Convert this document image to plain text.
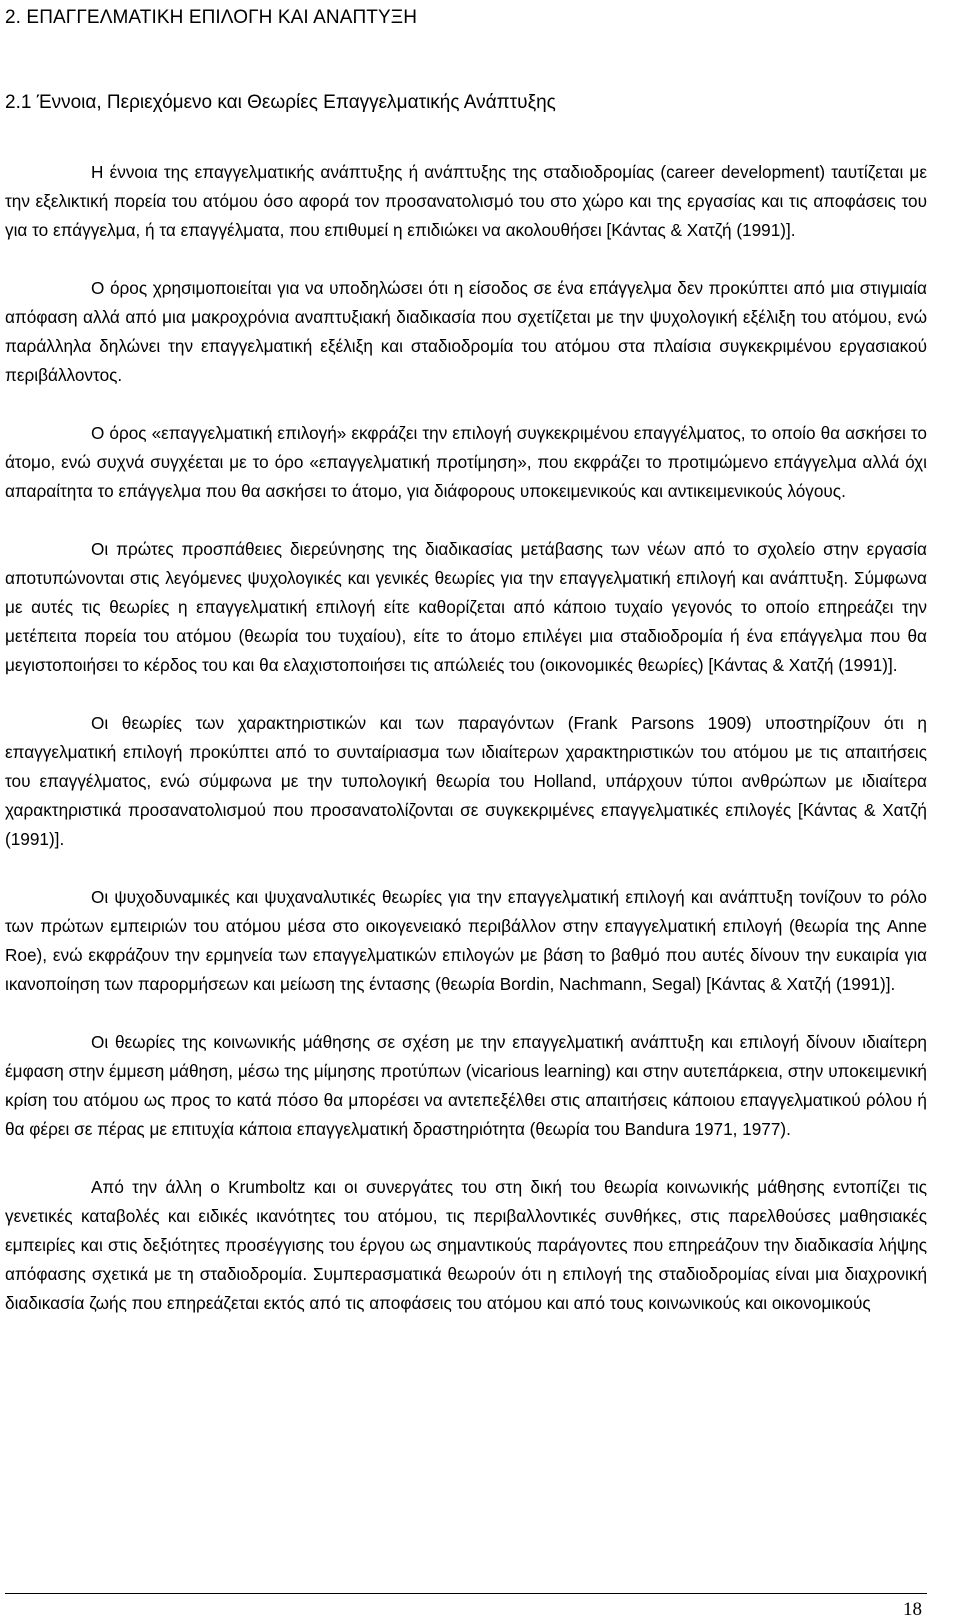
2. ΕΠΑΓΓΕΛΜΑΤΙΚΗ ΕΠΙΛΟΓΗ ΚΑΙ ΑΝΑΠΤΥΞΗ
2.1 Έννοια, Περιεχόμενο και Θεωρίες Επαγγελματικής Ανάπτυξης

Η έννοια της επαγγελματικής ανάπτυξης ή ανάπτυξης της σταδιοδρομίας (career development) ταυτίζεται με την εξελικτική πορεία του ατόμου όσο αφορά τον προσανατολισμό του στο χώρο και της εργασίας και τις αποφάσεις του για το επάγγελμα, ή τα επαγγέλματα, που επιθυμεί η επιδιώκει να ακολουθήσει [Κάντας & Χατζή (1991)].

Ο όρος χρησιμοποιείται για να υποδηλώσει ότι η είσοδος σε ένα επάγγελμα δεν προκύπτει από μια στιγμιαία απόφαση αλλά από μια μακροχρόνια αναπτυξιακή διαδικασία που σχετίζεται με την ψυχολογική εξέλιξη του ατόμου, ενώ παράλληλα δηλώνει την επαγγελματική εξέλιξη και σταδιοδρομία του ατόμου στα πλαίσια συγκεκριμένου εργασιακού περιβάλλοντος.

Ο όρος «επαγγελματική επιλογή» εκφράζει την επιλογή συγκεκριμένου επαγγέλματος, το οποίο θα ασκήσει το άτομο, ενώ συχνά συγχέεται με το όρο «επαγγελματική προτίμηση», που εκφράζει το προτιμώμενο επάγγελμα αλλά όχι απαραίτητα το επάγγελμα που θα ασκήσει το άτομο, για διάφορους υποκειμενικούς και αντικειμενικούς λόγους.

Οι πρώτες προσπάθειες διερεύνησης της διαδικασίας μετάβασης των νέων από το σχολείο στην εργασία αποτυπώνονται στις λεγόμενες ψυχολογικές και γενικές θεωρίες για την επαγγελματική επιλογή και ανάπτυξη. Σύμφωνα με αυτές τις θεωρίες η επαγγελματική επιλογή είτε καθορίζεται από κάποιο τυχαίο γεγονός το οποίο επηρεάζει την μετέπειτα πορεία του ατόμου (θεωρία του τυχαίου), είτε το άτομο επιλέγει μια σταδιοδρομία ή ένα επάγγελμα που θα μεγιστοποιήσει το κέρδος του και θα ελαχιστοποιήσει τις απώλειές του (οικονομικές θεωρίες) [Κάντας & Χατζή (1991)].

Οι θεωρίες των χαρακτηριστικών και των παραγόντων (Frank Parsons 1909) υποστηρίζουν ότι η επαγγελματική επιλογή προκύπτει από το συνταίριασμα των ιδιαίτερων χαρακτηριστικών του ατόμου με τις απαιτήσεις του επαγγέλματος, ενώ σύμφωνα με την τυπολογική θεωρία του Holland, υπάρχουν τύποι ανθρώπων με ιδιαίτερα χαρακτηριστικά προσανατολισμού που προσανατολίζονται σε συγκεκριμένες επαγγελματικές επιλογές [Κάντας & Χατζή (1991)].

Οι ψυχοδυναμικές και ψυχαναλυτικές θεωρίες για την επαγγελματική επιλογή και ανάπτυξη τονίζουν το ρόλο των πρώτων εμπειριών του ατόμου μέσα στο οικογενειακό περιβάλλον στην επαγγελματική επιλογή (θεωρία της Anne Roe), ενώ εκφράζουν την ερμηνεία των επαγγελματικών επιλογών με βάση το βαθμό που αυτές δίνουν την ευκαιρία για ικανοποίηση των παρορμήσεων και μείωση της έντασης (θεωρία Bordin, Nachmann, Segal) [Κάντας & Χατζή (1991)].

Οι θεωρίες της κοινωνικής μάθησης σε σχέση με την επαγγελματική ανάπτυξη και επιλογή δίνουν ιδιαίτερη έμφαση στην έμμεση μάθηση, μέσω της μίμησης προτύπων (vicarious learning) και στην αυτεπάρκεια, στην υποκειμενική κρίση του ατόμου ως προς το κατά πόσο θα μπορέσει να αντεπεξέλθει στις απαιτήσεις κάποιου επαγγελματικού ρόλου ή θα φέρει σε πέρας με επιτυχία κάποια επαγγελματική δραστηριότητα (θεωρία του Bandura 1971, 1977).

Από την άλλη ο Krumboltz και οι συνεργάτες του στη δική του θεωρία κοινωνικής μάθησης εντοπίζει τις γενετικές καταβολές και ειδικές ικανότητες του ατόμου, τις περιβαλλοντικές συνθήκες, στις παρελθούσες μαθησιακές εμπειρίες και στις δεξιότητες προσέγγισης του έργου ως σημαντικούς παράγοντες που επηρεάζουν την διαδικασία λήψης απόφασης σχετικά με τη σταδιοδρομία. Συμπερασματικά θεωρούν ότι η επιλογή της σταδιοδρομίας είναι μια διαχρονική διαδικασία ζωής που επηρεάζεται εκτός από τις αποφάσεις του ατόμου και από τους κοινωνικούς και οικονομικούς

18
